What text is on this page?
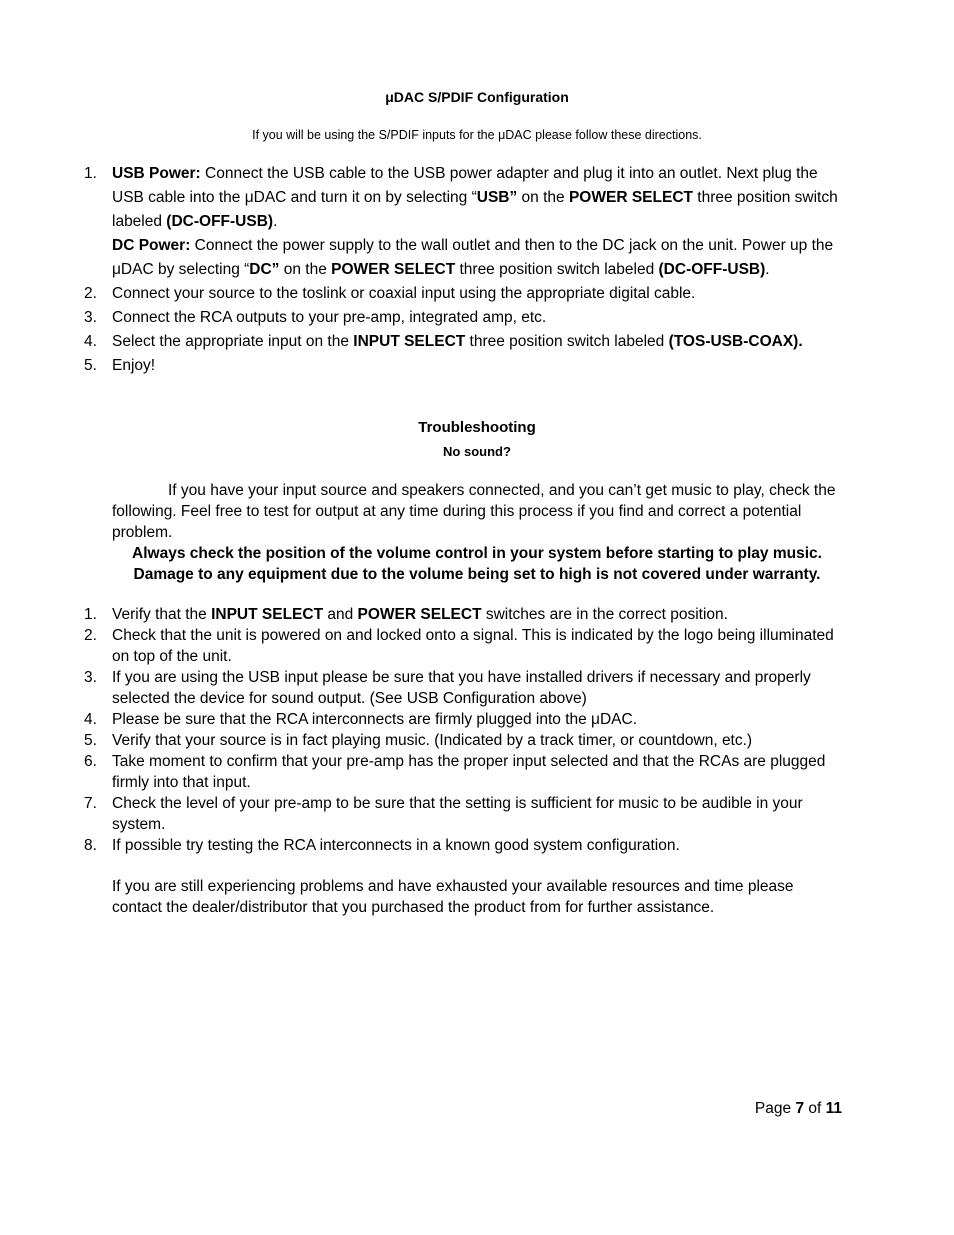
μDAC S/PDIF Configuration
If you will be using the S/PDIF inputs for the μDAC please follow these directions.
1. USB Power: Connect the USB cable to the USB power adapter and plug it into an outlet. Next plug the USB cable into the μDAC and turn it on by selecting “USB” on the POWER SELECT three position switch labeled (DC-OFF-USB).
DC Power: Connect the power supply to the wall outlet and then to the DC jack on the unit. Power up the μDAC by selecting “DC” on the POWER SELECT three position switch labeled (DC-OFF-USB).
2. Connect your source to the toslink or coaxial input using the appropriate digital cable.
3. Connect the RCA outputs to your pre-amp, integrated amp, etc.
4. Select the appropriate input on the INPUT SELECT three position switch labeled (TOS-USB-COAX).
5. Enjoy!
Troubleshooting
No sound?
If you have your input source and speakers connected, and you can’t get music to play, check the following. Feel free to test for output at any time during this process if you find and correct a potential problem.
Always check the position of the volume control in your system before starting to play music. Damage to any equipment due to the volume being set to high is not covered under warranty.
1. Verify that the INPUT SELECT and POWER SELECT switches are in the correct position.
2. Check that the unit is powered on and locked onto a signal. This is indicated by the logo being illuminated on top of the unit.
3. If you are using the USB input please be sure that you have installed drivers if necessary and properly selected the device for sound output. (See USB Configuration above)
4. Please be sure that the RCA interconnects are firmly plugged into the μDAC.
5. Verify that your source is in fact playing music. (Indicated by a track timer, or countdown, etc.)
6. Take moment to confirm that your pre-amp has the proper input selected and that the RCAs are plugged firmly into that input.
7. Check the level of your pre-amp to be sure that the setting is sufficient for music to be audible in your system.
8. If possible try testing the RCA interconnects in a known good system configuration.
If you are still experiencing problems and have exhausted your available resources and time please contact the dealer/distributor that you purchased the product from for further assistance.
Page 7 of 11
